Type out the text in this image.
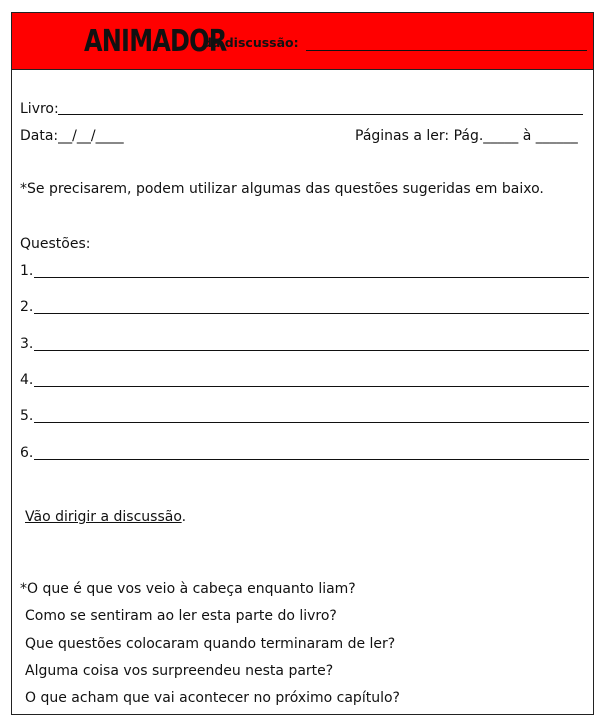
ANIMADOR
da discussão:
Livro:
Data:__/__/____	Páginas a ler: Pág._____ à ______
*Se precisarem, podem utilizar algumas das questões sugeridas em baixo.
Questões:
1.
2.
3.
4.
5.
6.
Vão dirigir a discussão.
*O que é que vos veio à cabeça enquanto liam?
Como se sentiram ao ler esta parte do livro?
Que questões colocaram quando terminaram de ler?
Alguma coisa vos surpreendeu nesta parte?
O que acham que vai acontecer no próximo capítulo?
